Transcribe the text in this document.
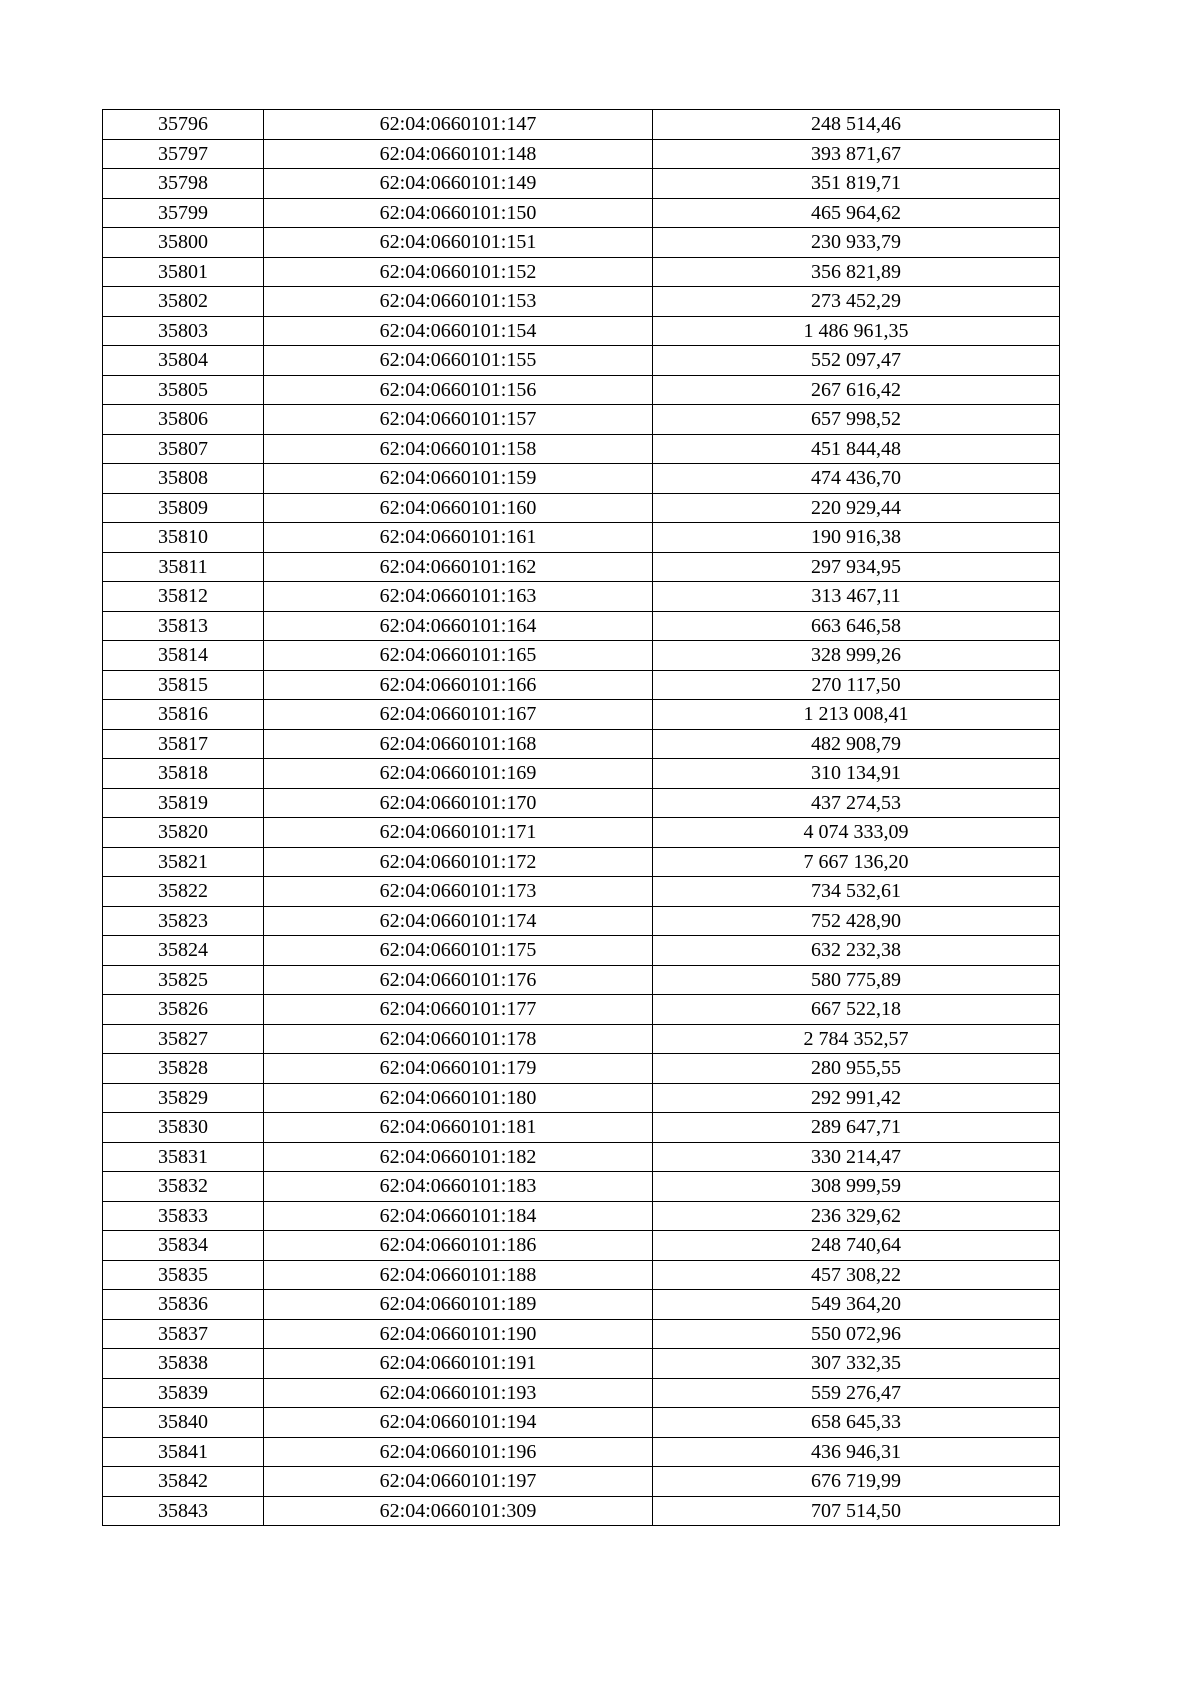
35796	62:04:0660101:147	248 514,46
35797	62:04:0660101:148	393 871,67
35798	62:04:0660101:149	351 819,71
35799	62:04:0660101:150	465 964,62
35800	62:04:0660101:151	230 933,79
35801	62:04:0660101:152	356 821,89
35802	62:04:0660101:153	273 452,29
35803	62:04:0660101:154	1 486 961,35
35804	62:04:0660101:155	552 097,47
35805	62:04:0660101:156	267 616,42
35806	62:04:0660101:157	657 998,52
35807	62:04:0660101:158	451 844,48
35808	62:04:0660101:159	474 436,70
35809	62:04:0660101:160	220 929,44
35810	62:04:0660101:161	190 916,38
35811	62:04:0660101:162	297 934,95
35812	62:04:0660101:163	313 467,11
35813	62:04:0660101:164	663 646,58
35814	62:04:0660101:165	328 999,26
35815	62:04:0660101:166	270 117,50
35816	62:04:0660101:167	1 213 008,41
35817	62:04:0660101:168	482 908,79
35818	62:04:0660101:169	310 134,91
35819	62:04:0660101:170	437 274,53
35820	62:04:0660101:171	4 074 333,09
35821	62:04:0660101:172	7 667 136,20
35822	62:04:0660101:173	734 532,61
35823	62:04:0660101:174	752 428,90
35824	62:04:0660101:175	632 232,38
35825	62:04:0660101:176	580 775,89
35826	62:04:0660101:177	667 522,18
35827	62:04:0660101:178	2 784 352,57
35828	62:04:0660101:179	280 955,55
35829	62:04:0660101:180	292 991,42
35830	62:04:0660101:181	289 647,71
35831	62:04:0660101:182	330 214,47
35832	62:04:0660101:183	308 999,59
35833	62:04:0660101:184	236 329,62
35834	62:04:0660101:186	248 740,64
35835	62:04:0660101:188	457 308,22
35836	62:04:0660101:189	549 364,20
35837	62:04:0660101:190	550 072,96
35838	62:04:0660101:191	307 332,35
35839	62:04:0660101:193	559 276,47
35840	62:04:0660101:194	658 645,33
35841	62:04:0660101:196	436 946,31
35842	62:04:0660101:197	676 719,99
35843	62:04:0660101:309	707 514,50
